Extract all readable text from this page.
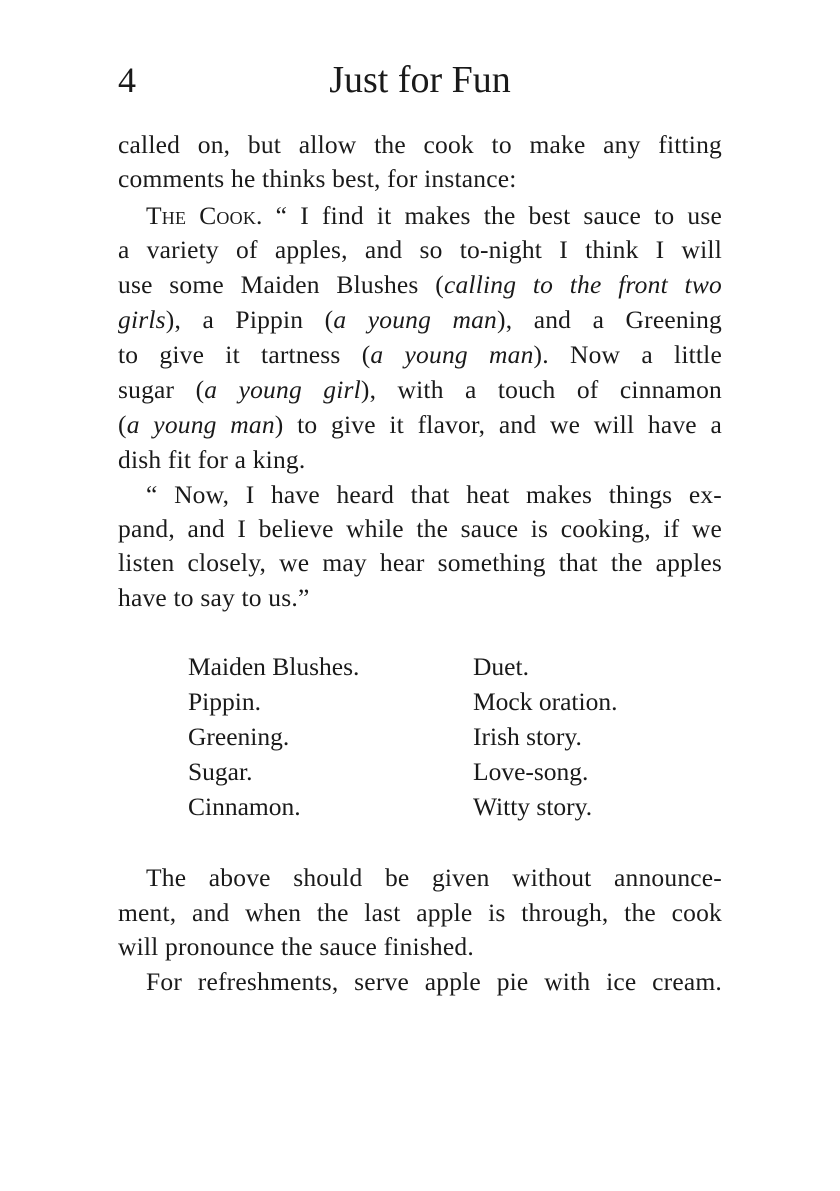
4	Just for Fun
called on, but allow the cook to make any fitting
comments he thinks best, for instance:
The Cook. “ I find it makes the best sauce to use
a variety of apples, and so to-night I think I will
use some Maiden Blushes (calling to the front two
girls), a Pippin (a young man), and a Greening
to give it tartness (a young man). Now a little
sugar (a young girl), with a touch of cinnamon
(a young man) to give it flavor, and we will have a
dish fit for a king.
“ Now, I have heard that heat makes things ex-
pand, and I believe while the sauce is cooking, if we
listen closely, we may hear something that the apples
have to say to us.”
Maiden Blushes.	Duet.
Pippin.	Mock oration.
Greening.	Irish story.
Sugar.	Love-song.
Cinnamon.	Witty story.
The above should be given without announce-
ment, and when the last apple is through, the cook
will pronounce the sauce finished.
For refreshments, serve apple pie with ice cream.
